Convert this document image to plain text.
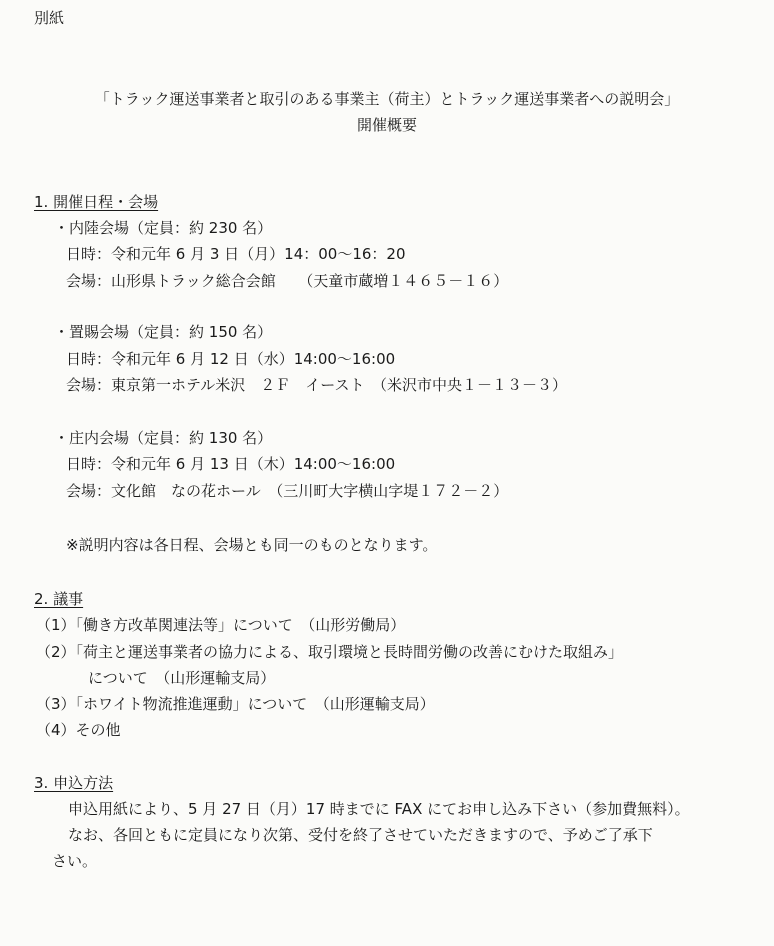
別紙
「トラック運送事業者と取引のある事業主（荷主）とトラック運送事業者への説明会」
開催概要
1. 開催日程・会場
・内陸会場（定員：約 230 名）
日時：令和元年 6 月 3 日（月）14：00～16：20
会場：山形県トラック総合会館　　（天童市蔵増１４６５－１６）
・置賜会場（定員：約 150 名）
日時：令和元年 6 月 12 日（水）14:00～16:00
会場：東京第一ホテル米沢　２Ｆ　イースト　（米沢市中央１－１３－３）
・庄内会場（定員：約 130 名）
日時：令和元年 6 月 13 日（木）14:00～16:00
会場：文化館　なの花ホール　（三川町大字横山字堤１７２－２）
※説明内容は各日程、会場とも同一のものとなります。
2. 議事
（1）「働き方改革関連法等」について　（山形労働局）
（2）「荷主と運送事業者の協力による、取引環境と長時間労働の改善にむけた取組み」
について　（山形運輸支局）
（3）「ホワイト物流推進運動」について　（山形運輸支局）
（4）その他
3. 申込方法
申込用紙により、5 月 27 日（月）17 時までに FAX にてお申し込み下さい（参加費無料）。
なお、各回ともに定員になり次第、受付を終了させていただきますので、予めご了承下
さい。
